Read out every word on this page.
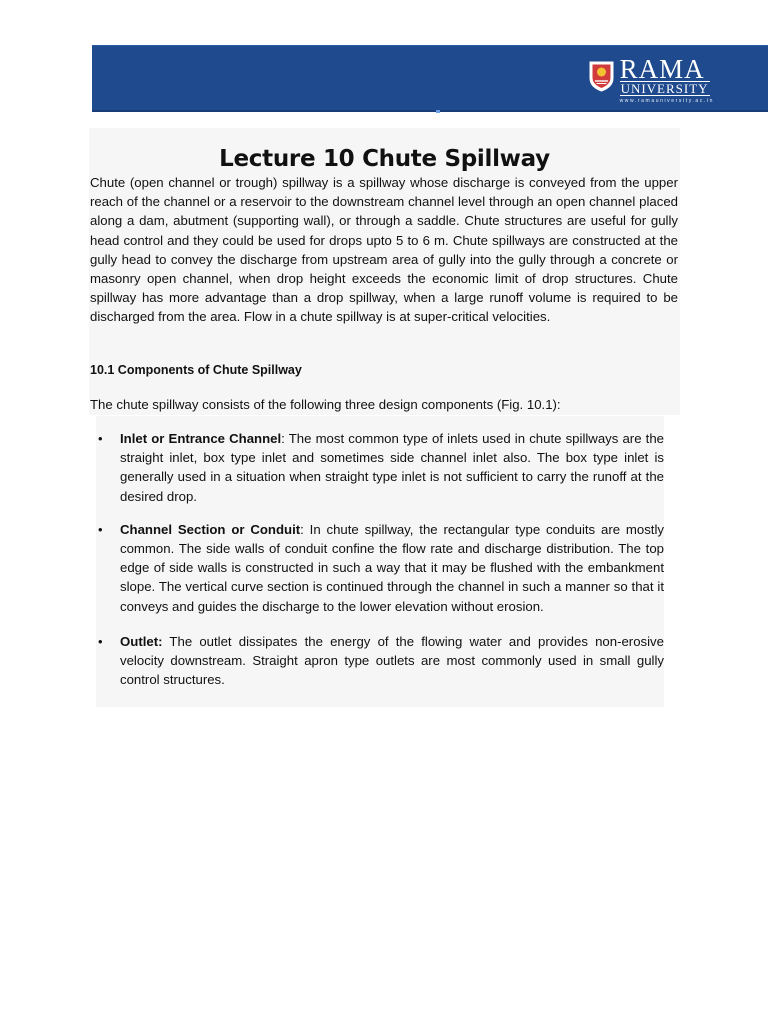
RAMA
UNIVERSITY
www.ramauniversity.ac.in
Lecture 10 Chute Spillway

Chute (open channel or trough) spillway is a spillway whose discharge is conveyed from the upper reach of the channel or a reservoir to the downstream channel level through an open channel placed along a dam, abutment (supporting wall), or through a saddle. Chute structures are useful for gully head control and they could be used for drops upto 5 to 6 m. Chute spillways are constructed at the gully head to convey the discharge from upstream area of gully into the gully through a concrete or masonry open channel, when drop height exceeds the economic limit of drop structures. Chute spillway has more advantage than a drop spillway, when a large runoff volume is required to be discharged from the area. Flow in a chute spillway is at super-critical velocities.

10.1 Components of Chute Spillway

The chute spillway consists of the following three design components (Fig. 10.1):

• Inlet or Entrance Channel: The most common type of inlets used in chute spillways are the straight inlet, box type inlet and sometimes side channel inlet also. The box type inlet is generally used in a situation when straight type inlet is not sufficient to carry the runoff at the desired drop.
• Channel Section or Conduit: In chute spillway, the rectangular type conduits are mostly common. The side walls of conduit confine the flow rate and discharge distribution. The top edge of side walls is constructed in such a way that it may be flushed with the embankment slope. The vertical curve section is continued through the channel in such a manner so that it conveys and guides the discharge to the lower elevation without erosion.
• Outlet: The outlet dissipates the energy of the flowing water and provides non-erosive velocity downstream. Straight apron type outlets are most commonly used in small gully control structures.
